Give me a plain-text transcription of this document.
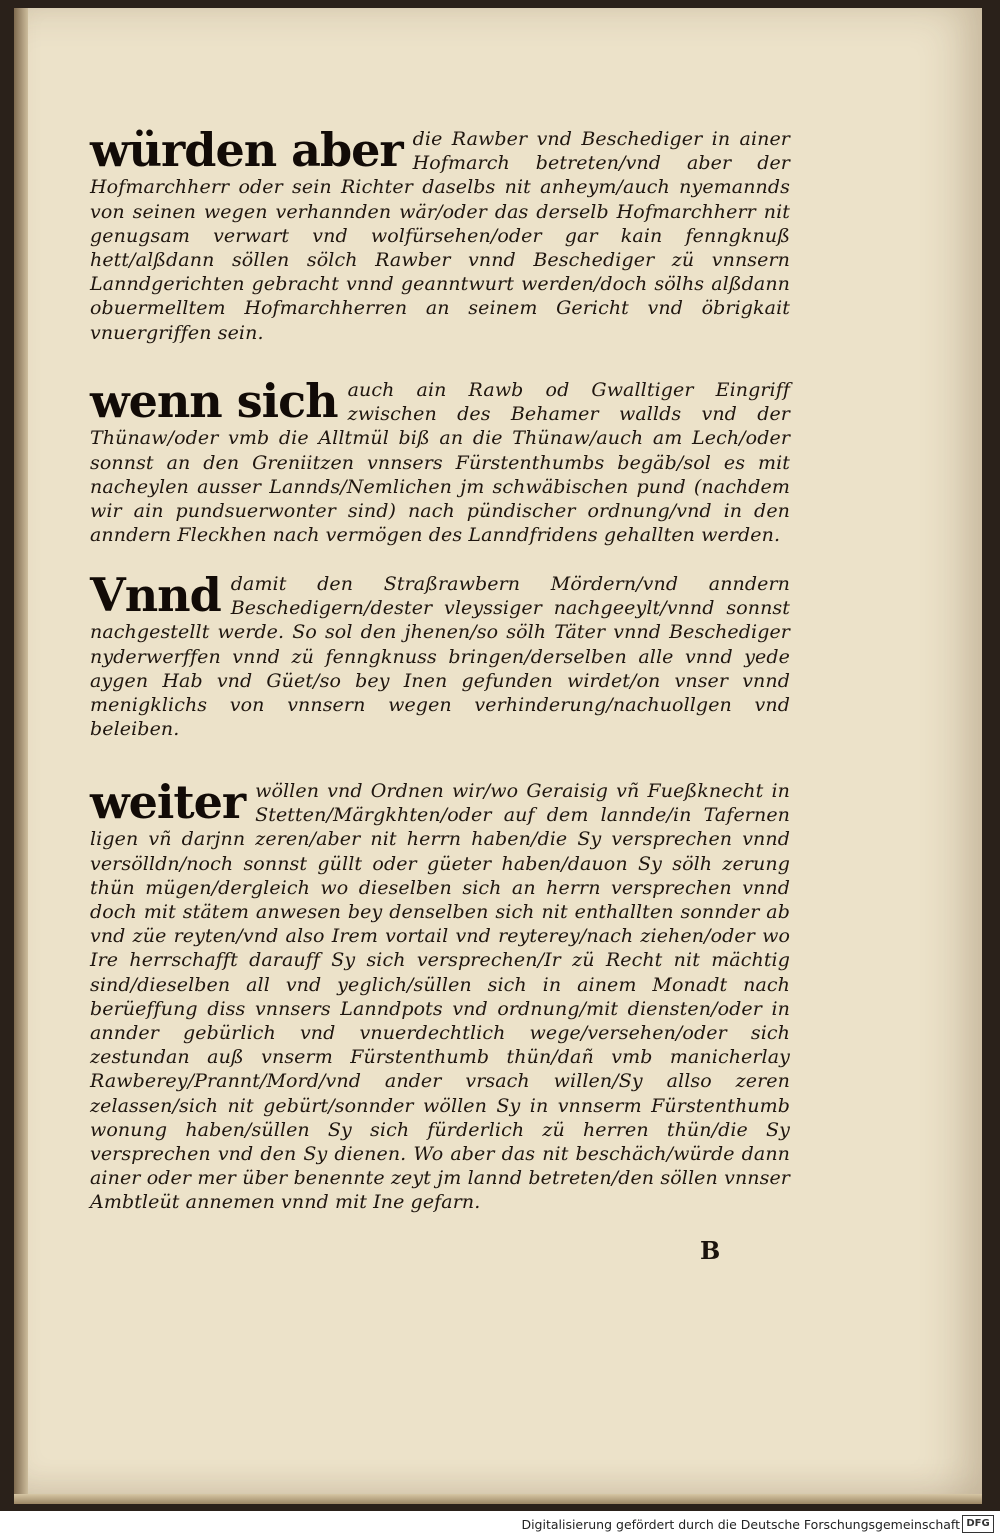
würden aber die Rawber vnd Beschediger in ainer Hofmarch betreten/vnd aber der Hofmarchherr oder sein Richter daselbs nit anheym/auch nyemannds von seinen wegen verhannden wär/oder das derselb Hofmarchherr nit genugsam verwart vnd wolfürsehen/oder gar kain fenngknuß hett/alßdann söllen sölch Rawber vnnd Beschediger zü vnnsern Lanndgerichten gebracht vnnd geanntwurt werden/doch sölhs alßdann obuermelltem Hofmarchherren an seinem Gericht vnd öbrigkait vnuergriffen sein.
wenn sich auch ain Rawb od Gwalltiger Eingriff zwischen des Behamer wallds vnd der Thünaw/oder vmb die Alltmül biß an die Thünaw/auch am Lech/oder sonnst an den Greniitzen vnnsers Fürstenthumbs begäb/sol es mit nacheylen ausser Lannds/Nemlichen jm schwäbischen pund (nachdem wir ain pundsuerwonter sind) nach pündischer ordnung/vnd in den anndern Fleckhen nach vermögen des Lanndfridens gehallten werden.
Vnnd damit den Straßrawbern Mördern/vnd anndern Beschedigern/dester vleyssiger nachgeeylt/vnnd sonnst nachgestellt werde. So sol den jhenen/so sölh Täter vnnd Beschediger nyderwerffen vnnd zü fenngknuss bringen/derselben alle vnnd yede aygen Hab vnd Güet/so bey Inen gefunden wirdet/on vnser vnnd menigklichs von vnnsern wegen verhinderung/nachuollgen vnd beleiben.
weiter wöllen vnd Ordnen wir/wo Geraisig vñ Fueßknecht in Stetten/Märgkhten/oder auf dem lannde/in Tafernen ligen vñ darjnn zeren/aber nit herrn haben/die Sy versprechen vnnd versölldn/noch sonnst güllt oder güeter haben/dauon Sy sölh zerung thün mügen/dergleich wo dieselben sich an herrn versprechen vnnd doch mit stätem anwesen bey denselben sich nit enthallten sonnder ab vnd züe reyten/vnd also Irem vortail vnd reyterey/nach ziehen/oder wo Ire herrschafft darauff Sy sich versprechen/Ir zü Recht nit mächtig sind/dieselben all vnd yeglich/süllen sich in ainem Monadt nach berüeffung diss vnnsers Lanndpots vnd ordnung/mit diensten/oder in annder gebürlich vnd vnuerdechtlich wege/versehen/oder sich zestundan auß vnserm Fürstenthumb thün/dañ vmb manicherlay Rawberey/Prannt/Mord/vnd ander vrsach willen/Sy allso zeren zelassen/sich nit gebürt/sonnder wöllen Sy in vnnserm Fürstenthumb wonung haben/süllen Sy sich fürderlich zü herren thün/die Sy versprechen vnd den Sy dienen. Wo aber das nit beschäch/würde dann ainer oder mer über benennte zeyt jm lannd betreten/den söllen vnnser Ambtleüt annemen vnnd mit Ine gefarn.
B
Digitalisierung gefördert durch die Deutsche Forschungsgemeinschaft DFG
